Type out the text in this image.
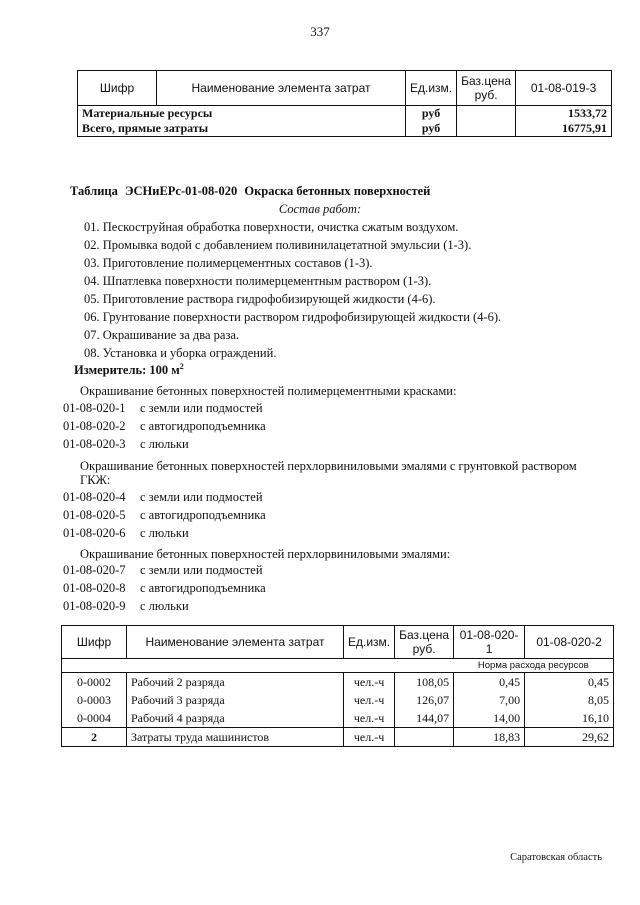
337
Шифр	Наименование элемента затрат	Ед.изм.	Баз.цена руб.	01-08-019-3
Материальные ресурсы		руб		1533,72
Всего, прямые затраты		руб		16775,91
Таблица ЭСНиЕРс-01-08-020 Окраска бетонных поверхностей
Состав работ:
01. Пескоструйная обработка поверхности, очистка сжатым воздухом.
02. Промывка водой с добавлением поливинилацетатной эмульсии (1-3).
03. Приготовление полимерцементных составов (1-3).
04. Шпатлевка поверхности полимерцементным раствором (1-3).
05. Приготовление раствора гидрофобизирующей жидкости (4-6).
06. Грунтование поверхности раствором гидрофобизирующей жидкости (4-6).
07. Окрашивание за два раза.
08. Установка и уборка ограждений.
Измеритель: 100 $м^2$
Окрашивание бетонных поверхностей полимерцементными красками:
01-08-020-1 с земли или подмостей
01-08-020-2 с автогидроподъемника
01-08-020-3 с люльки
Окрашивание бетонных поверхностей перхлорвиниловыми эмалями с грунтовкой раствором
ГКЖ:
01-08-020-4 с земли или подмостей
01-08-020-5 с автогидроподъемника
01-08-020-6 с люльки
Окрашивание бетонных поверхностей перхлорвиниловыми эмалями:
01-08-020-7 с земли или подмостей
01-08-020-8 с автогидроподъемника
01-08-020-9 с люльки
Шифр	Наименование элемента затрат	Ед.изм.	Баз.цена руб.	01-08-020-1	01-08-020-2
				Норма расхода ресурсов	
0-0002	Рабочий 2 разряда	чел.-ч	108,05	0,45	0,45
0-0003	Рабочий 3 разряда	чел.-ч	126,07	7,00	8,05
0-0004	Рабочий 4 разряда	чел.-ч	144,07	14,00	16,10
2	Затраты труда машинистов	чел.-ч		18,83	29,62
Саратовская область
